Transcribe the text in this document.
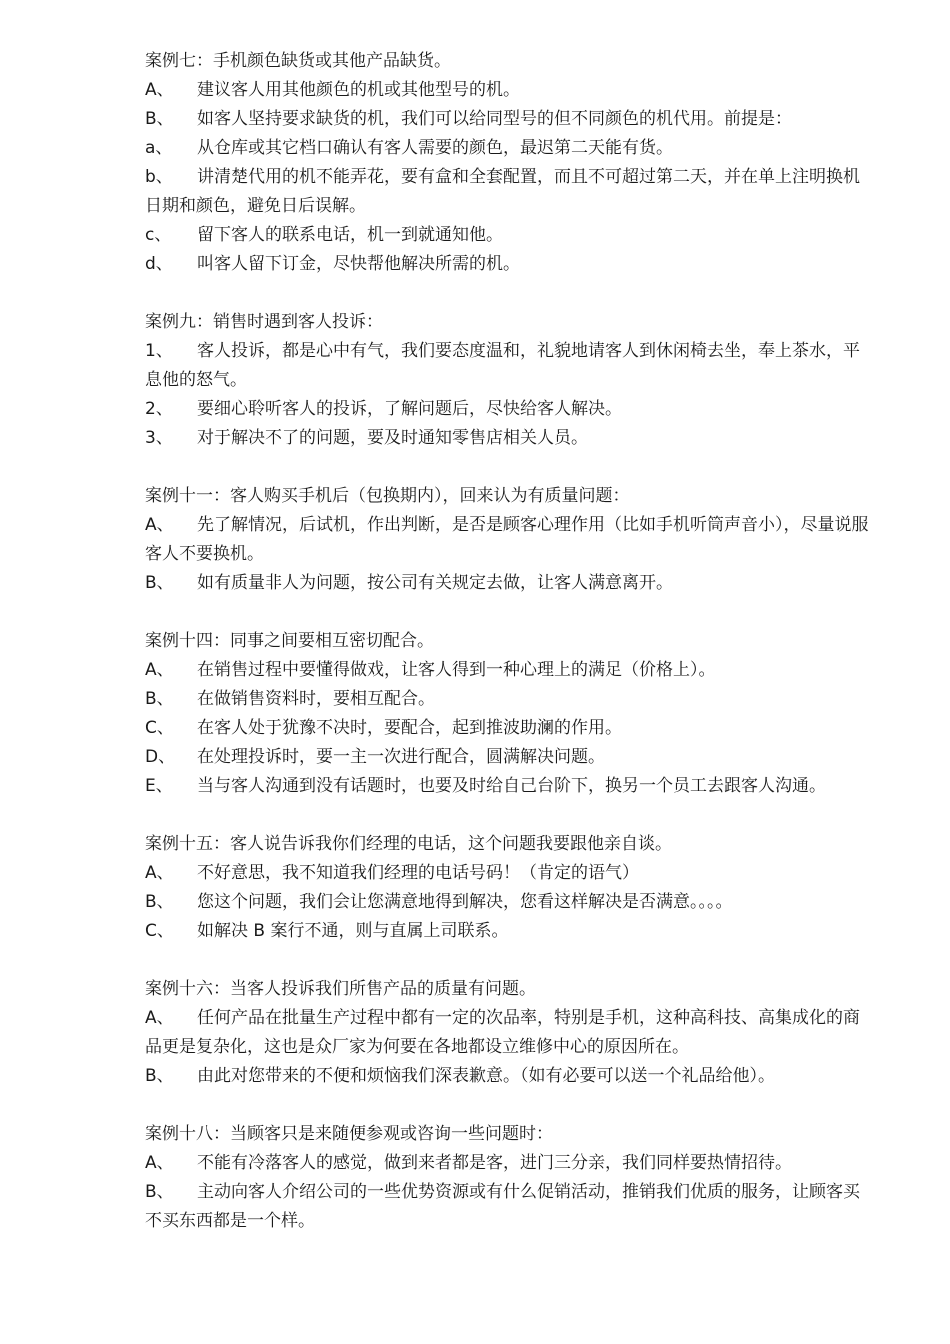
案例七：手机颜色缺货或其他产品缺货。
A、 建议客人用其他颜色的机或其他型号的机。
B、 如客人坚持要求缺货的机，我们可以给同型号的但不同颜色的机代用。前提是：
a、 从仓库或其它档口确认有客人需要的颜色，最迟第二天能有货。
b、 讲清楚代用的机不能弄花，要有盒和全套配置，而且不可超过第二天，并在单上注明换机日期和颜色，避免日后误解。
c、 留下客人的联系电话，机一到就通知他。
d、 叫客人留下订金，尽快帮他解决所需的机。
案例九：销售时遇到客人投诉：
1、 客人投诉，都是心中有气，我们要态度温和，礼貌地请客人到休闲椅去坐，奉上茶水，平息他的怒气。
2、 要细心聆听客人的投诉，了解问题后，尽快给客人解决。
3、 对于解决不了的问题，要及时通知零售店相关人员。
案例十一：客人购买手机后（包换期内），回来认为有质量问题：
A、 先了解情况，后试机，作出判断，是否是顾客心理作用（比如手机听筒声音小），尽量说服客人不要换机。
B、 如有质量非人为问题，按公司有关规定去做，让客人满意离开。
案例十四：同事之间要相互密切配合。
A、 在销售过程中要懂得做戏，让客人得到一种心理上的满足（价格上）。
B、 在做销售资料时，要相互配合。
C、 在客人处于犹豫不决时，要配合，起到推波助澜的作用。
D、 在处理投诉时，要一主一次进行配合，圆满解决问题。
E、 当与客人沟通到没有话题时，也要及时给自己台阶下，换另一个员工去跟客人沟通。
案例十五：客人说告诉我你们经理的电话，这个问题我要跟他亲自谈。
A、 不好意思，我不知道我们经理的电话号码！（肯定的语气）
B、 您这个问题，我们会让您满意地得到解决，您看这样解决是否满意。。。。
C、 如解决 B 案行不通，则与直属上司联系。
案例十六：当客人投诉我们所售产品的质量有问题。
A、 任何产品在批量生产过程中都有一定的次品率，特别是手机，这种高科技、高集成化的商品更是复杂化，这也是众厂家为何要在各地都设立维修中心的原因所在。
B、 由此对您带来的不便和烦恼我们深表歉意。（如有必要可以送一个礼品给他）。
案例十八：当顾客只是来随便参观或咨询一些问题时：
A、 不能有冷落客人的感觉，做到来者都是客，进门三分亲，我们同样要热情招待。
B、 主动向客人介绍公司的一些优势资源或有什么促销活动，推销我们优质的服务，让顾客买不买东西都是一个样。
